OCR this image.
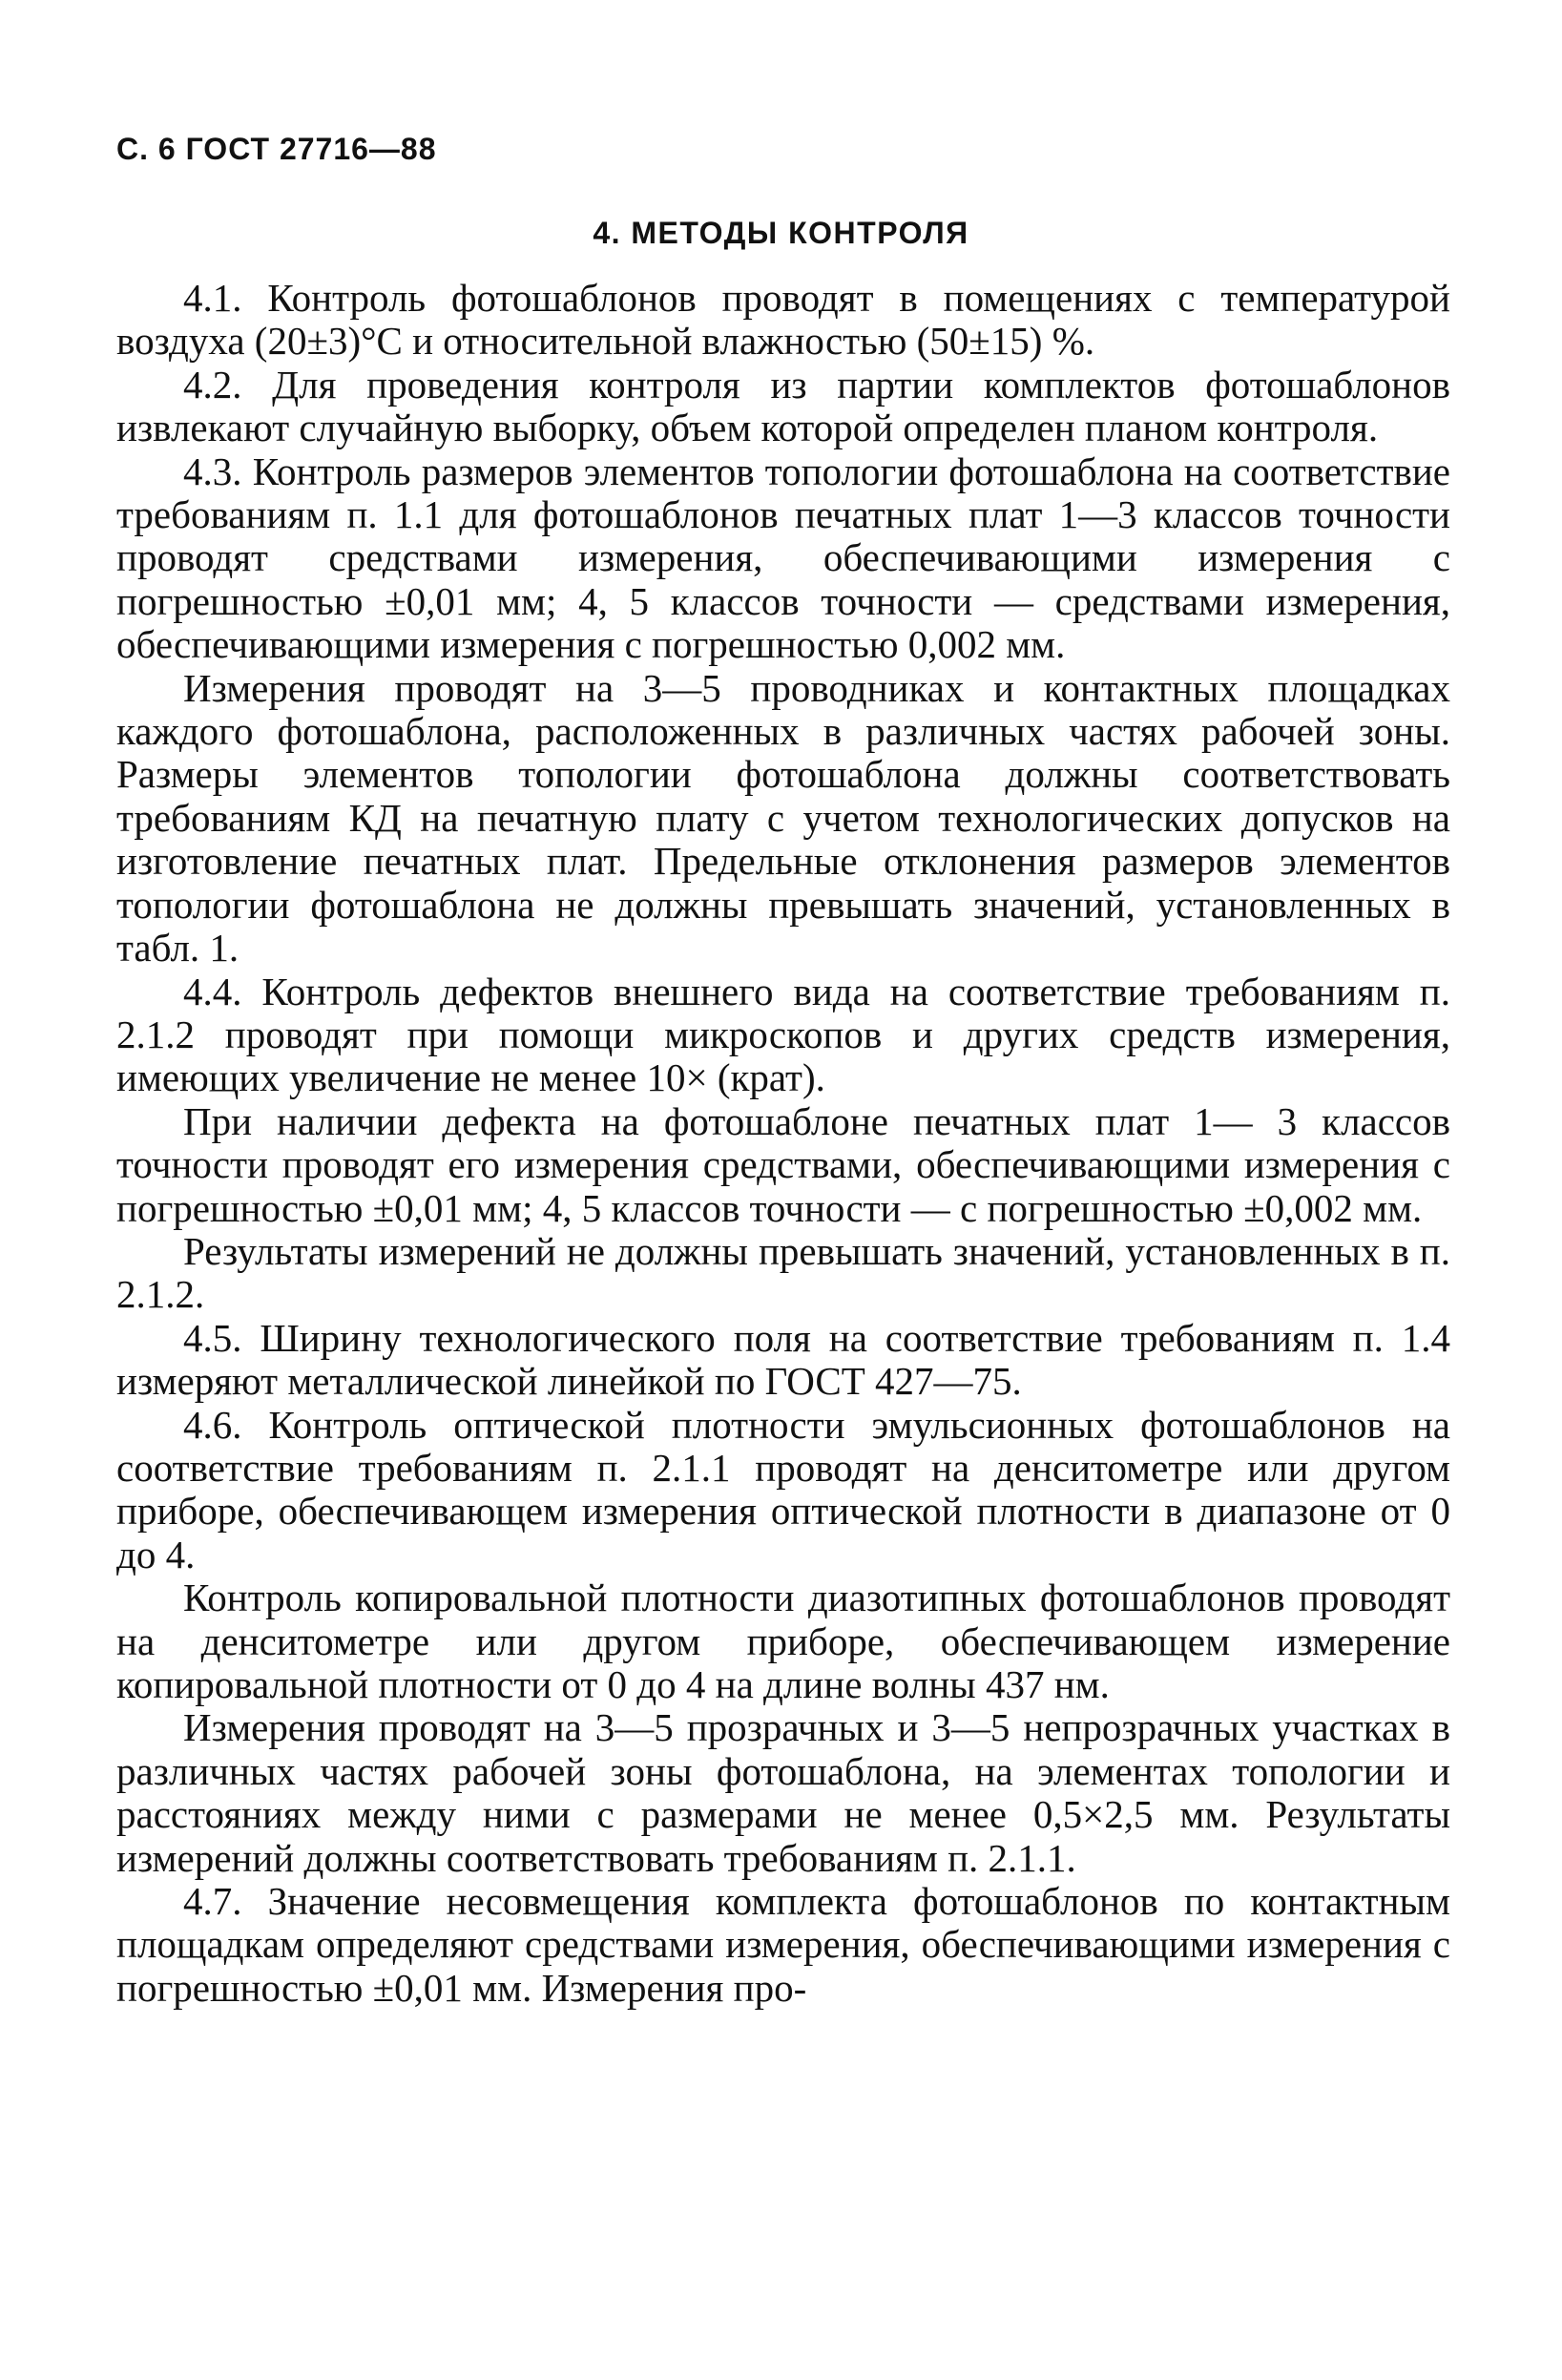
С. 6 ГОСТ 27716—88
4. МЕТОДЫ КОНТРОЛЯ

4.1. Контроль фотошаблонов проводят в помещениях с температурой воздуха (20±3)°С и относительной влажностью (50±15) %.

4.2. Для проведения контроля из партии комплектов фотошаблонов извлекают случайную выборку, объем которой определен планом контроля.

4.3. Контроль размеров элементов топологии фотошаблона на соответствие требованиям п. 1.1 для фотошаблонов печатных плат 1—3 классов точности проводят средствами измерения, обеспечивающими измерения с погрешностью ±0,01 мм; 4, 5 классов точности — средствами измерения, обеспечивающими измерения с погрешностью 0,002 мм.

Измерения проводят на 3—5 проводниках и контактных площадках каждого фотошаблона, расположенных в различных частях рабочей зоны. Размеры элементов топологии фотошаблона должны соответствовать требованиям КД на печатную плату с учетом технологических допусков на изготовление печатных плат. Предельные отклонения размеров элементов топологии фотошаблона не должны превышать значений, установленных в табл. 1.

4.4. Контроль дефектов внешнего вида на соответствие требованиям п. 2.1.2 проводят при помощи микроскопов и других средств измерения, имеющих увеличение не менее 10× (крат).

При наличии дефекта на фотошаблоне печатных плат 1— 3 классов точности проводят его измерения средствами, обеспечивающими измерения с погрешностью ±0,01 мм; 4, 5 классов точности — с погрешностью ±0,002 мм.

Результаты измерений не должны превышать значений, установленных в п. 2.1.2.

4.5. Ширину технологического поля на соответствие требованиям п. 1.4 измеряют металлической линейкой по ГОСТ 427—75.

4.6. Контроль оптической плотности эмульсионных фотошаблонов на соответствие требованиям п. 2.1.1 проводят на денситометре или другом приборе, обеспечивающем измерения оптической плотности в диапазоне от 0 до 4.

Контроль копировальной плотности диазотипных фотошаблонов проводят на денситометре или другом приборе, обеспечивающем измерение копировальной плотности от 0 до 4 на длине волны 437 нм.

Измерения проводят на 3—5 прозрачных и 3—5 непрозрачных участках в различных частях рабочей зоны фотошаблона, на элементах топологии и расстояниях между ними с размерами не менее 0,5×2,5 мм. Результаты измерений должны соответствовать требованиям п. 2.1.1.

4.7. Значение несовмещения комплекта фотошаблонов по контактным площадкам определяют средствами измерения, обеспечивающими измерения с погрешностью ±0,01 мм. Измерения про-
